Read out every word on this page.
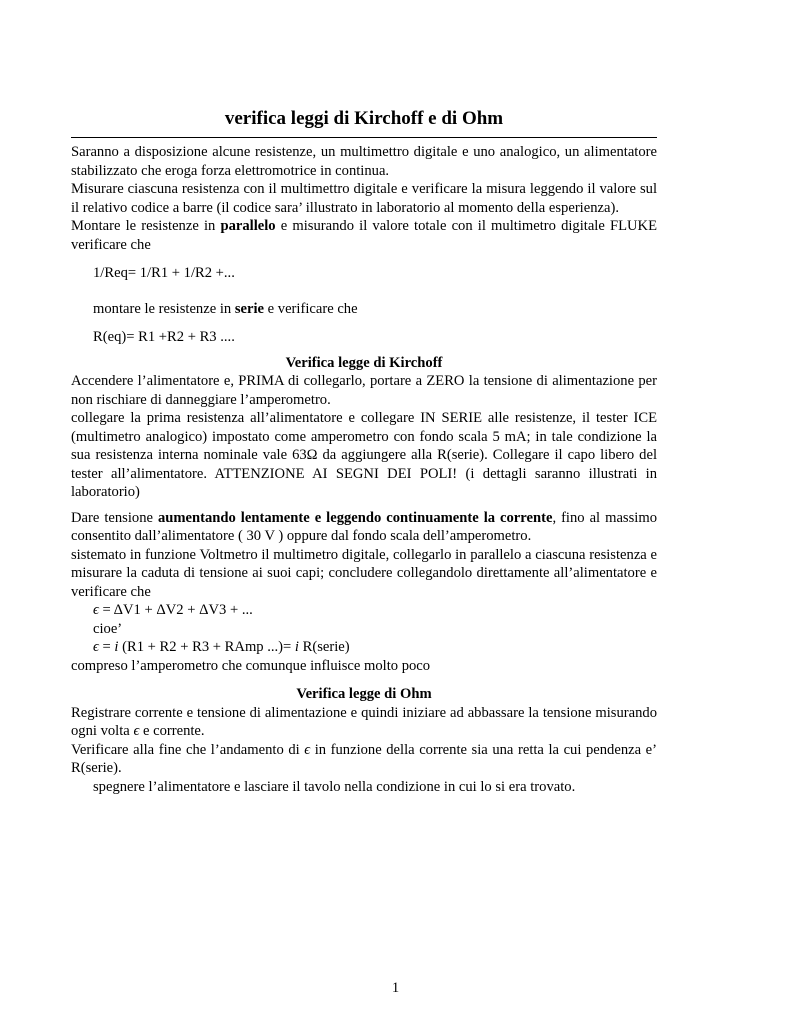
verifica leggi di Kirchoff e di Ohm

Saranno a disposizione alcune resistenze, un multimettro digitale e uno analogico, un alimentatore stabilizzato che eroga forza elettromotrice in continua.

Misurare ciascuna resistenza con il multimettro digitale e verificare la misura leggendo il valore sul il relativo codice a barre (il codice sara’ illustrato in laboratorio al momento della esperienza).

Montare le resistenze in parallelo e misurando il valore totale con il multimetro digitale FLUKE verificare che

1/Req= 1/R1 + 1/R2 +...

montare le resistenze in serie e verificare che

R(eq)= R1 +R2 + R3 ....

Verifica legge di Kirchoff

Accendere l’alimentatore e, PRIMA di collegarlo, portare a ZERO la tensione di alimentazione per non rischiare di danneggiare l’amperometro.

collegare la prima resistenza all’alimentatore e collegare IN SERIE alle resistenze, il tester ICE (multimetro analogico) impostato come amperometro con fondo scala 5 mA; in tale condizione la sua resistenza interna nominale vale 63Ω da aggiungere alla R(serie). Collegare il capo libero del tester all’alimentatore. ATTENZIONE AI SEGNI DEI POLI! (i dettagli saranno illustrati in laboratorio)

Dare tensione aumentando lentamente e leggendo continuamente la corrente, fino al massimo consentito dall’alimentatore ( 30 V ) oppure dal fondo scala dell’amperometro.

sistemato in funzione Voltmetro il multimetro digitale, collegarlo in parallelo a ciascuna resistenza e misurare la caduta di tensione ai suoi capi; concludere collegandolo direttamente all’alimentatore e verificare che

ϵ = ΔV1 + ΔV2 + ΔV3 + ...

cioe’

ϵ = i (R1 + R2 + R3 + RAmp ...)= i R(serie)

compreso l’amperometro che comunque influisce molto poco

Verifica legge di Ohm

Registrare corrente e tensione di alimentazione e quindi iniziare ad abbassare la tensione misurando ogni volta ϵ e corrente.

Verificare alla fine che l’andamento di ϵ in funzione della corrente sia una retta la cui pendenza e’ R(serie).

spegnere l’alimentatore e lasciare il tavolo nella condizione in cui lo si era trovato.

1
